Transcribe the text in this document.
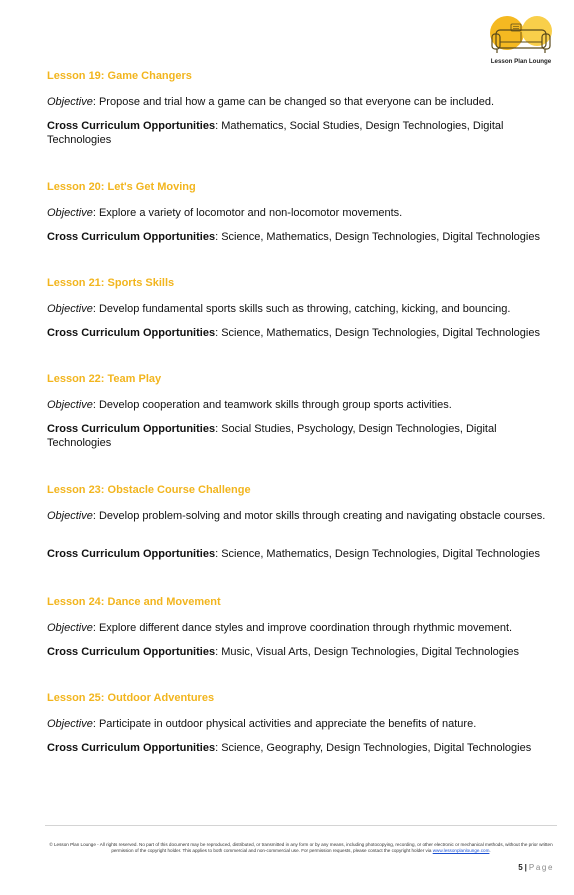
Lesson Plan Lounge
Lesson 19: Game Changers

Objective: Propose and trial how a game can be changed so that everyone can be included.

Cross Curriculum Opportunities: Mathematics, Social Studies, Design Technologies, Digital Technologies

Lesson 20: Let's Get Moving

Objective: Explore a variety of locomotor and non-locomotor movements.

Cross Curriculum Opportunities: Science, Mathematics, Design Technologies, Digital Technologies

Lesson 21: Sports Skills

Objective: Develop fundamental sports skills such as throwing, catching, kicking, and bouncing.

Cross Curriculum Opportunities: Science, Mathematics, Design Technologies, Digital Technologies

Lesson 22: Team Play

Objective: Develop cooperation and teamwork skills through group sports activities.

Cross Curriculum Opportunities: Social Studies, Psychology, Design Technologies, Digital Technologies

Lesson 23: Obstacle Course Challenge

Objective: Develop problem-solving and motor skills through creating and navigating obstacle courses.

Cross Curriculum Opportunities: Science, Mathematics, Design Technologies, Digital Technologies

Lesson 24: Dance and Movement

Objective: Explore different dance styles and improve coordination through rhythmic movement.

Cross Curriculum Opportunities: Music, Visual Arts, Design Technologies, Digital Technologies

Lesson 25: Outdoor Adventures

Objective: Participate in outdoor physical activities and appreciate the benefits of nature.

Cross Curriculum Opportunities: Science, Geography, Design Technologies, Digital Technologies

© Lesson Plan Lounge - All rights reserved. No part of this document may be reproduced, distributed, or transmitted in any form or by any means, including photocopying, recording, or other electronic or mechanical methods, without the prior written permission of the copyright holder. This applies to both commercial and non-commercial use. For permission requests, please contact the copyright holder via www.lessonplanlounge.com.
5 | Page
